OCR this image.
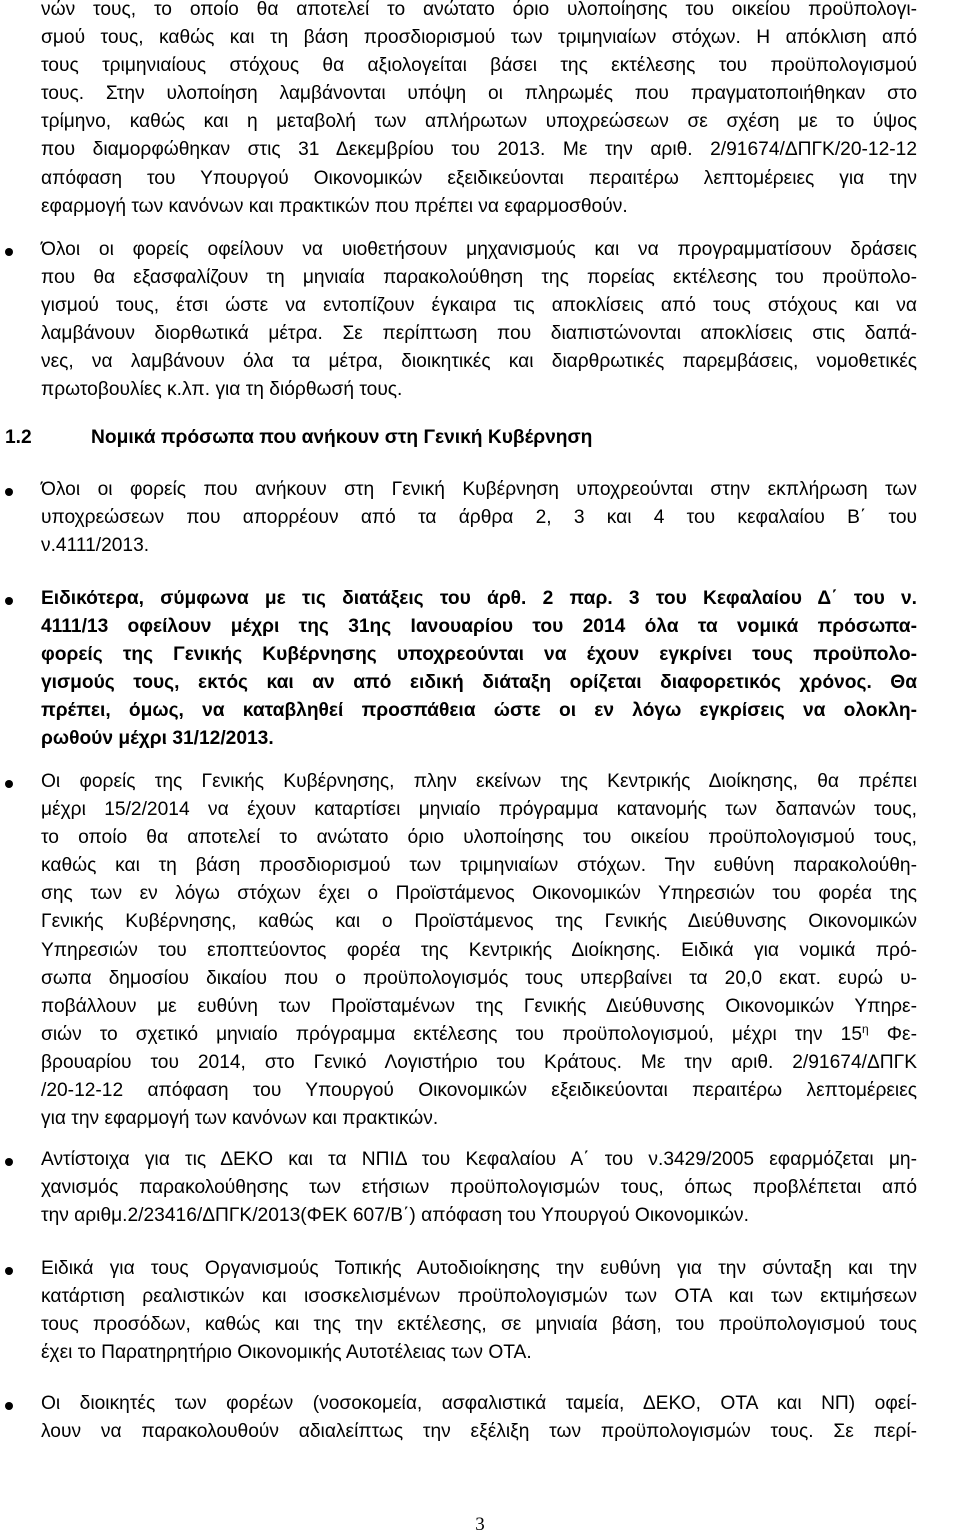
νών τους, το οποίο θα αποτελεί το ανώτατο όριο υλοποίησης του οικείου προϋπολογι-
σμού τους, καθώς και τη βάση προσδιορισμού των τριμηνιαίων στόχων. Η απόκλιση από
τους τριμηνιαίους στόχους θα αξιολογείται βάσει της εκτέλεσης του προϋπολογισμού
τους. Στην υλοποίηση λαμβάνονται υπόψη οι πληρωμές που πραγματοποιήθηκαν στο
τρίμηνο, καθώς και η μεταβολή των απλήρωτων υποχρεώσεων σε σχέση με το ύψος
που διαμορφώθηκαν στις 31 Δεκεμβρίου του 2013. Με την αριθ. 2/91674/ΔΠΓΚ/20-12-12
απόφαση του Υπουργού Οικονομικών εξειδικεύονται περαιτέρω λεπτομέρειες για την
εφαρμογή των κανόνων και πρακτικών που πρέπει να εφαρμοσθούν.
Όλοι οι φορείς οφείλουν να υιοθετήσουν μηχανισμούς και να προγραμματίσουν δράσεις
που θα εξασφαλίζουν τη μηνιαία παρακολούθηση της πορείας εκτέλεσης του προϋπολο-
γισμού τους, έτσι ώστε να εντοπίζουν έγκαιρα τις αποκλίσεις από τους στόχους και να
λαμβάνουν διορθωτικά μέτρα. Σε περίπτωση που διαπιστώνονται αποκλίσεις στις δαπά-
νες, να λαμβάνουν όλα τα μέτρα, διοικητικές και διαρθρωτικές παρεμβάσεις, νομοθετικές
πρωτοβουλίες κ.λπ. για τη διόρθωσή τους.
1.2	Νομικά πρόσωπα που ανήκουν στη Γενική Κυβέρνηση
Όλοι οι φορείς που ανήκουν στη Γενική Κυβέρνηση υποχρεούνται στην εκπλήρωση των
υποχρεώσεων που απορρέουν από τα άρθρα 2, 3 και 4 του κεφαλαίου Β΄ του
ν.4111/2013.
Ειδικότερα, σύμφωνα με τις διατάξεις του άρθ. 2 παρ. 3 του Κεφαλαίου Δ΄ του ν.
4111/13 οφείλουν μέχρι της 31ης Ιανουαρίου του 2014 όλα τα νομικά πρόσωπα-
φορείς της Γενικής Κυβέρνησης υποχρεούνται να έχουν εγκρίνει τους προϋπολο-
γισμούς τους, εκτός και αν από ειδική διάταξη ορίζεται διαφορετικός χρόνος. Θα
πρέπει, όμως, να καταβληθεί προσπάθεια ώστε οι εν λόγω εγκρίσεις να ολοκλη-
ρωθούν μέχρι 31/12/2013.
Οι φορείς της Γενικής Κυβέρνησης, πλην εκείνων της Κεντρικής Διοίκησης, θα πρέπει
μέχρι 15/2/2014 να έχουν καταρτίσει μηνιαίο πρόγραμμα κατανομής των δαπανών τους,
το οποίο θα αποτελεί το ανώτατο όριο υλοποίησης του οικείου προϋπολογισμού τους,
καθώς και τη βάση προσδιορισμού των τριμηνιαίων στόχων. Την ευθύνη παρακολούθη-
σης των εν λόγω στόχων έχει ο Προϊστάμενος Οικονομικών Υπηρεσιών του φορέα της
Γενικής Κυβέρνησης, καθώς και ο Προϊστάμενος της Γενικής Διεύθυνσης Οικονομικών
Υπηρεσιών του εποπτεύοντος φορέα της Κεντρικής Διοίκησης. Ειδικά για νομικά πρό-
σωπα δημοσίου δικαίου που ο προϋπολογισμός τους υπερβαίνει τα 20,0 εκατ. ευρώ υ-
ποβάλλουν με ευθύνη των Προϊσταμένων της Γενικής Διεύθυνσης Οικονομικών Υπηρε-
σιών το σχετικό μηνιαίο πρόγραμμα εκτέλεσης του προϋπολογισμού, μέχρι την $15^\eta$ Φε-
βρουαρίου του 2014, στο Γενικό Λογιστήριο του Κράτους. Με την αριθ. 2/91674/ΔΠΓΚ
/20-12-12 απόφαση του Υπουργού Οικονομικών εξειδικεύονται περαιτέρω λεπτομέρειες
για την εφαρμογή των κανόνων και πρακτικών.
Αντίστοιχα για τις ΔΕΚΟ και τα ΝΠΙΔ του Κεφαλαίου Α΄ του ν.3429/2005 εφαρμόζεται μη-
χανισμός παρακολούθησης των ετήσιων προϋπολογισμών τους, όπως προβλέπεται από
την αριθμ.2/23416/ΔΠΓΚ/2013(ΦΕΚ 607/Β΄) απόφαση του Υπουργού Οικονομικών.
Ειδικά για τους Οργανισμούς Τοπικής Αυτοδιοίκησης την ευθύνη για την σύνταξη και την
κατάρτιση ρεαλιστικών και ισοσκελισμένων προϋπολογισμών των ΟΤΑ και των εκτιμήσεων
τους προσόδων, καθώς και της την εκτέλεσης, σε μηνιαία βάση, του προϋπολογισμού τους
έχει το Παρατηρητήριο Οικονομικής Αυτοτέλειας των ΟΤΑ.
Οι διοικητές των φορέων (νοσοκομεία, ασφαλιστικά ταμεία, ΔΕΚΟ, ΟΤΑ και ΝΠ) οφεί-
λουν να παρακολουθούν αδιαλείπτως την εξέλιξη των προϋπολογισμών τους. Σε περί-
3
